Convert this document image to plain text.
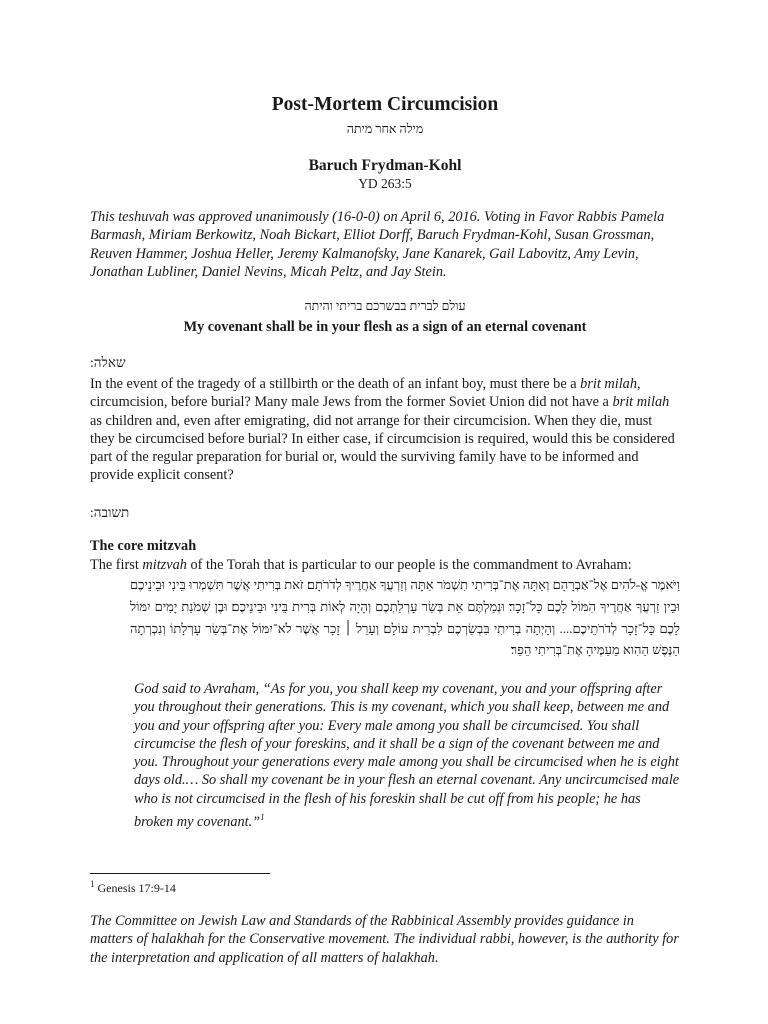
Post-Mortem Circumcision
מילה אחר מיתה
Baruch Frydman-Kohl
YD 263:5
This teshuvah was approved unanimously (16-0-0) on April 6, 2016. Voting in Favor Rabbis Pamela Barmash, Miriam Berkowitz, Noah Bickart, Elliot Dorff, Baruch Frydman-Kohl, Susan Grossman, Reuven Hammer, Joshua Heller, Jeremy Kalmanofsky, Jane Kanarek, Gail Labovitz, Amy Levin, Jonathan Lubliner, Daniel Nevins, Micah Peltz, and Jay Stein.
עולם לברית בבשרכם בריתי והיתה
My covenant shall be in your flesh as a sign of an eternal covenant
:שאלה
In the event of the tragedy of a stillbirth or the death of an infant boy, must there be a brit milah, circumcision, before burial? Many male Jews from the former Soviet Union did not have a brit milah as children and, even after emigrating, did not arrange for their circumcision. When they die, must they be circumcised before burial? In either case, if circumcision is required, would this be considered part of the regular preparation for burial or, would the surviving family have to be informed and provide explicit consent?
:תשובה
The core mitzvah
The first mitzvah of the Torah that is particular to our people is the commandment to Avraham:
וַיֹּאמֶר אֱ-לֹהִים אֶל־אַבְרָהָם וְאַתָּה אֶת־בְּרִיתִי תִשְׁמֹר אַתָּה וְזַרְעֲךָ אַחֲרֶיךָ לְדֹרֹתָם׃ זֹאת בְּרִיתִי אֲשֶׁר תִּשְׁמְרוּ בֵּינִי וּבֵינֵיכֶם וּבֵין זַרְעֲךָ אַחֲרֶיךָ הִמּוֹל לָכֶם כָּל־זָכָר׃ וּנְמַלְתֶּם אֵת בְּשַׂר עָרְלַתְכֶם וְהָיָה לְאוֹת בְּרִית בֵּינִי וּבֵינֵיכֶם׃ וּבֶן שְׁמֹנַת יָמִים יִמּוֹל לָכֶם כָּל־זָכָר לְדֹרֹתֵיכֶם.... וְהָיְתָה בְרִיתִי בִּבְשַׂרְכֶם לִבְרִית עוֹלָם׃ וְעָרֵל ׀ זָכָר אֲשֶׁר לֹא־יִמּוֹל אֶת־בְּשַׂר עָרְלָתוֹ וְנִכְרְתָה הַנֶּפֶשׁ הַהִוא מֵעַמֶּיהָ אֶת־בְּרִיתִי הֵפַר׃
God said to Avraham, “As for you, you shall keep my covenant, you and your offspring after you throughout their generations. This is my covenant, which you shall keep, between me and you and your offspring after you: Every male among you shall be circumcised. You shall circumcise the flesh of your foreskins, and it shall be a sign of the covenant between me and you. Throughout your generations every male among you shall be circumcised when he is eight days old.… So shall my covenant be in your flesh an eternal covenant. Any uncircumcised male who is not circumcised in the flesh of his foreskin shall be cut off from his people; he has broken my covenant.”$^1$
$^1$ Genesis 17:9-14
The Committee on Jewish Law and Standards of the Rabbinical Assembly provides guidance in matters of halakhah for the Conservative movement. The individual rabbi, however, is the authority for the interpretation and application of all matters of halakhah.
